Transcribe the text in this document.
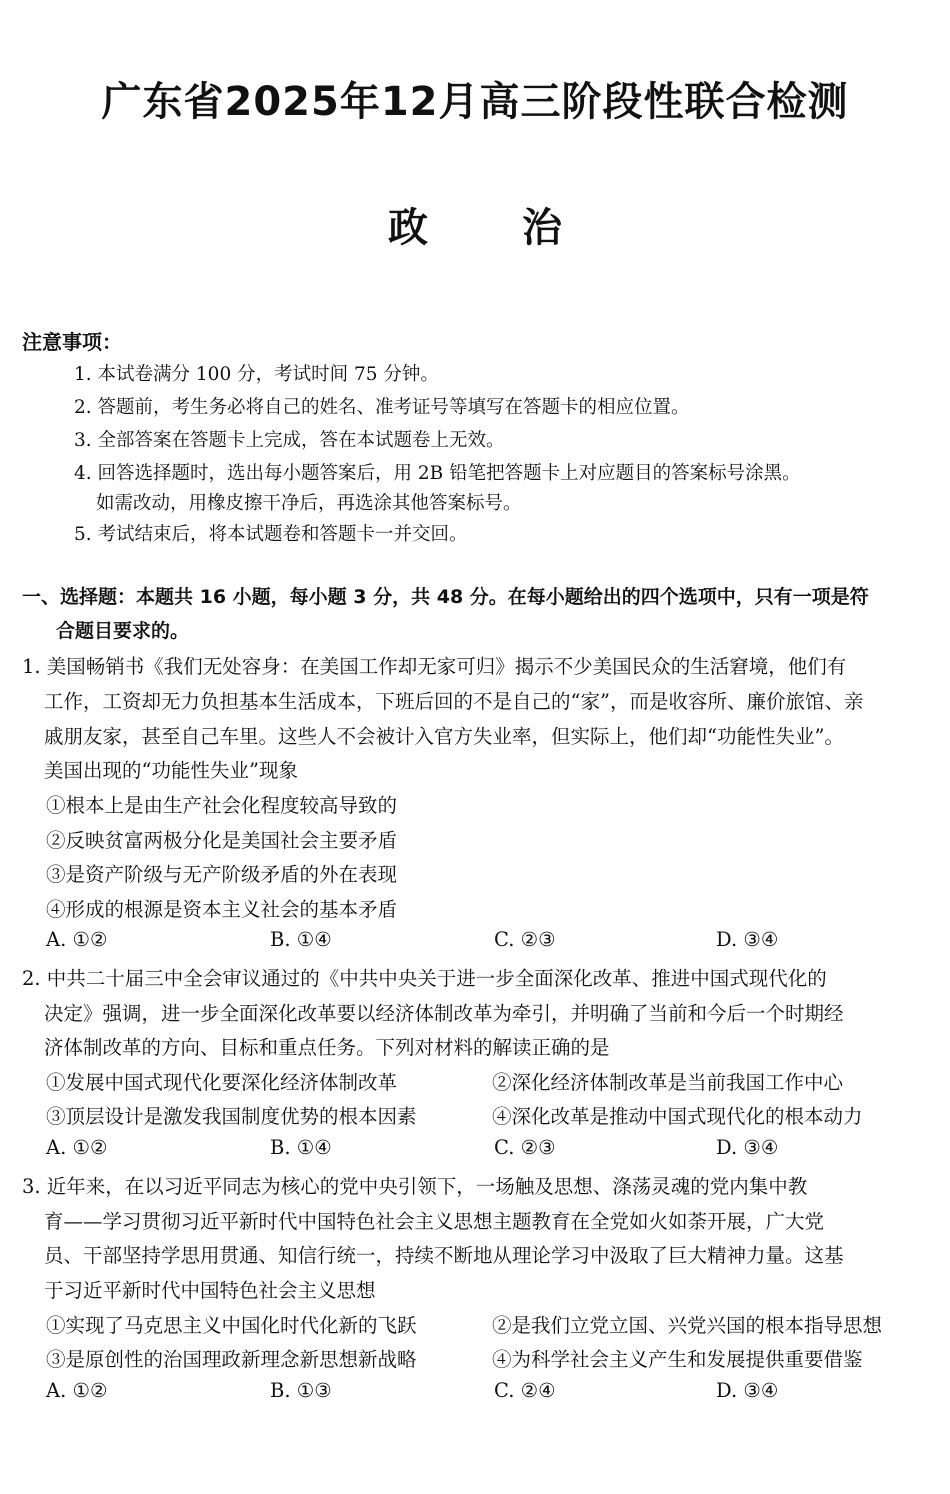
广东省2025年12月高三阶段性联合检测
政 治
注意事项：
1. 本试卷满分 100 分，考试时间 75 分钟。
2. 答题前，考生务必将自己的姓名、准考证号等填写在答题卡的相应位置。
3. 全部答案在答题卡上完成，答在本试题卷上无效。
4. 回答选择题时，选出每小题答案后，用 2B 铅笔把答题卡上对应题目的答案标号涂黑。
如需改动，用橡皮擦干净后，再选涂其他答案标号。
5. 考试结束后，将本试题卷和答题卡一并交回。
一、选择题：本题共 16 小题，每小题 3 分，共 48 分。在每小题给出的四个选项中，只有一项是符
合题目要求的。
1. 美国畅销书《我们无处容身：在美国工作却无家可归》揭示不少美国民众的生活窘境，他们有
工作，工资却无力负担基本生活成本，下班后回的不是自己的“家”，而是收容所、廉价旅馆、亲
戚朋友家，甚至自己车里。这些人不会被计入官方失业率，但实际上，他们却“功能性失业”。
美国出现的“功能性失业”现象
①根本上是由生产社会化程度较高导致的
②反映贫富两极分化是美国社会主要矛盾
③是资产阶级与无产阶级矛盾的外在表现
④形成的根源是资本主义社会的基本矛盾
A. ①②	B. ①④	C. ②③	D. ③④
2. 中共二十届三中全会审议通过的《中共中央关于进一步全面深化改革、推进中国式现代化的
决定》强调，进一步全面深化改革要以经济体制改革为牵引，并明确了当前和今后一个时期经
济体制改革的方向、目标和重点任务。下列对材料的解读正确的是
①发展中国式现代化要深化经济体制改革	②深化经济体制改革是当前我国工作中心
③顶层设计是激发我国制度优势的根本因素	④深化改革是推动中国式现代化的根本动力
A. ①②	B. ①④	C. ②③	D. ③④
3. 近年来，在以习近平同志为核心的党中央引领下，一场触及思想、涤荡灵魂的党内集中教
育——学习贯彻习近平新时代中国特色社会主义思想主题教育在全党如火如荼开展，广大党
员、干部坚持学思用贯通、知信行统一，持续不断地从理论学习中汲取了巨大精神力量。这基
于习近平新时代中国特色社会主义思想
①实现了马克思主义中国化时代化新的飞跃	②是我们立党立国、兴党兴国的根本指导思想
③是原创性的治国理政新理念新思想新战略	④为科学社会主义产生和发展提供重要借鉴
A. ①②	B. ①③	C. ②④	D. ③④
